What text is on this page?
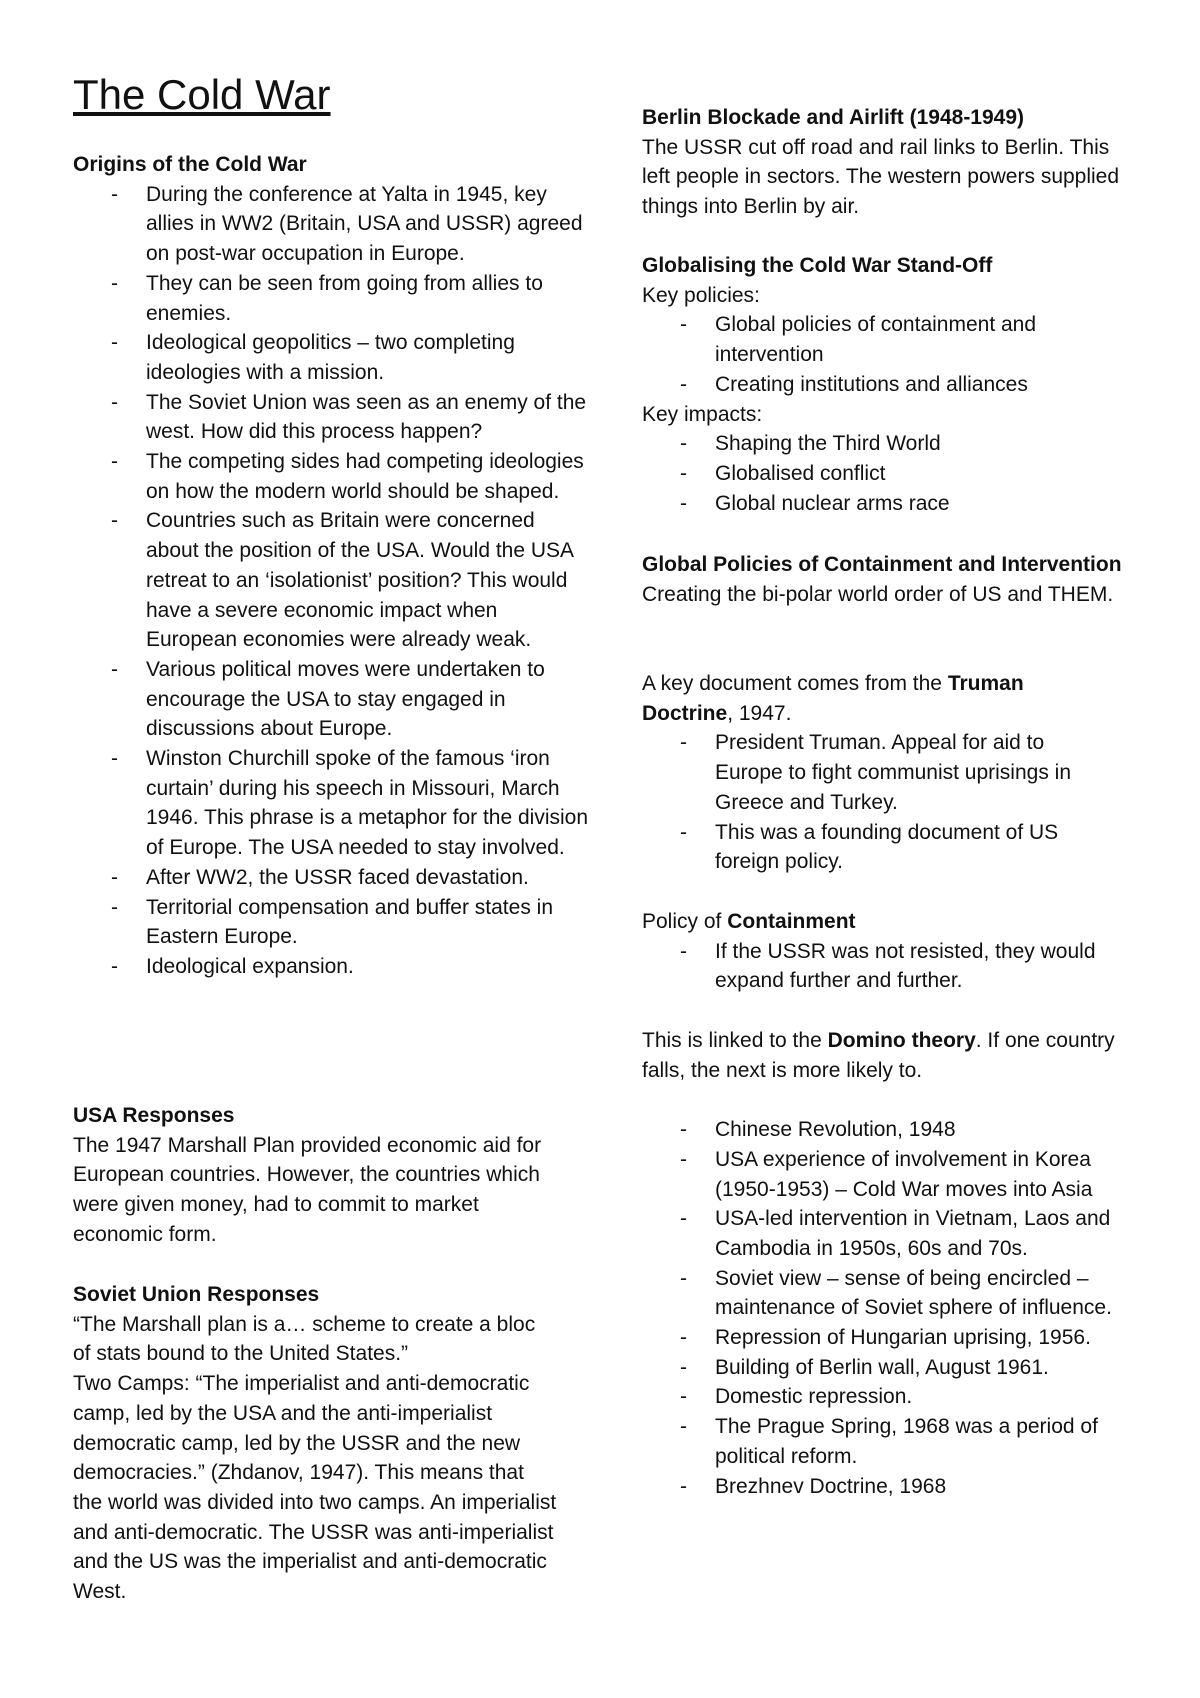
The Cold War

Origins of the Cold War

- During the conference at Yalta in 1945, key allies in WW2 (Britain, USA and USSR) agreed on post-war occupation in Europe.
- They can be seen from going from allies to enemies.
- Ideological geopolitics – two completing ideologies with a mission.
- The Soviet Union was seen as an enemy of the west. How did this process happen?
- The competing sides had competing ideologies on how the modern world should be shaped.
- Countries such as Britain were concerned about the position of the USA. Would the USA retreat to an ‘isolationist’ position? This would have a severe economic impact when European economies were already weak.
- Various political moves were undertaken to encourage the USA to stay engaged in discussions about Europe.
- Winston Churchill spoke of the famous ‘iron curtain’ during his speech in Missouri, March 1946. This phrase is a metaphor for the division of Europe. The USA needed to stay involved.
- After WW2, the USSR faced devastation.
- Territorial compensation and buffer states in Eastern Europe.
- Ideological expansion.

USA Responses

The 1947 Marshall Plan provided economic aid for European countries. However, the countries which were given money, had to commit to market economic form.

Soviet Union Responses

“The Marshall plan is a… scheme to create a bloc of stats bound to the United States.”

Two Camps: “The imperialist and anti-democratic camp, led by the USA and the anti-imperialist democratic camp, led by the USSR and the new democracies.” (Zhdanov, 1947). This means that the world was divided into two camps. An imperialist and anti-democratic. The USSR was anti-imperialist and the US was the imperialist and anti-democratic West.

Berlin Blockade and Airlift (1948-1949)

The USSR cut off road and rail links to Berlin. This left people in sectors. The western powers supplied things into Berlin by air.

Globalising the Cold War Stand-Off

Key policies:

- Global policies of containment and intervention
- Creating institutions and alliances

Key impacts:

- Shaping the Third World
- Globalised conflict
- Global nuclear arms race

Global Policies of Containment and Intervention

Creating the bi-polar world order of US and THEM.

A key document comes from the Truman Doctrine, 1947.

- President Truman. Appeal for aid to Europe to fight communist uprisings in Greece and Turkey.
- This was a founding document of US foreign policy.

Policy of Containment

- If the USSR was not resisted, they would expand further and further.

This is linked to the Domino theory. If one country falls, the next is more likely to.

- Chinese Revolution, 1948
- USA experience of involvement in Korea (1950-1953) – Cold War moves into Asia
- USA-led intervention in Vietnam, Laos and Cambodia in 1950s, 60s and 70s.
- Soviet view – sense of being encircled – maintenance of Soviet sphere of influence.
- Repression of Hungarian uprising, 1956.
- Building of Berlin wall, August 1961.
- Domestic repression.
- The Prague Spring, 1968 was a period of political reform.
- Brezhnev Doctrine, 1968
